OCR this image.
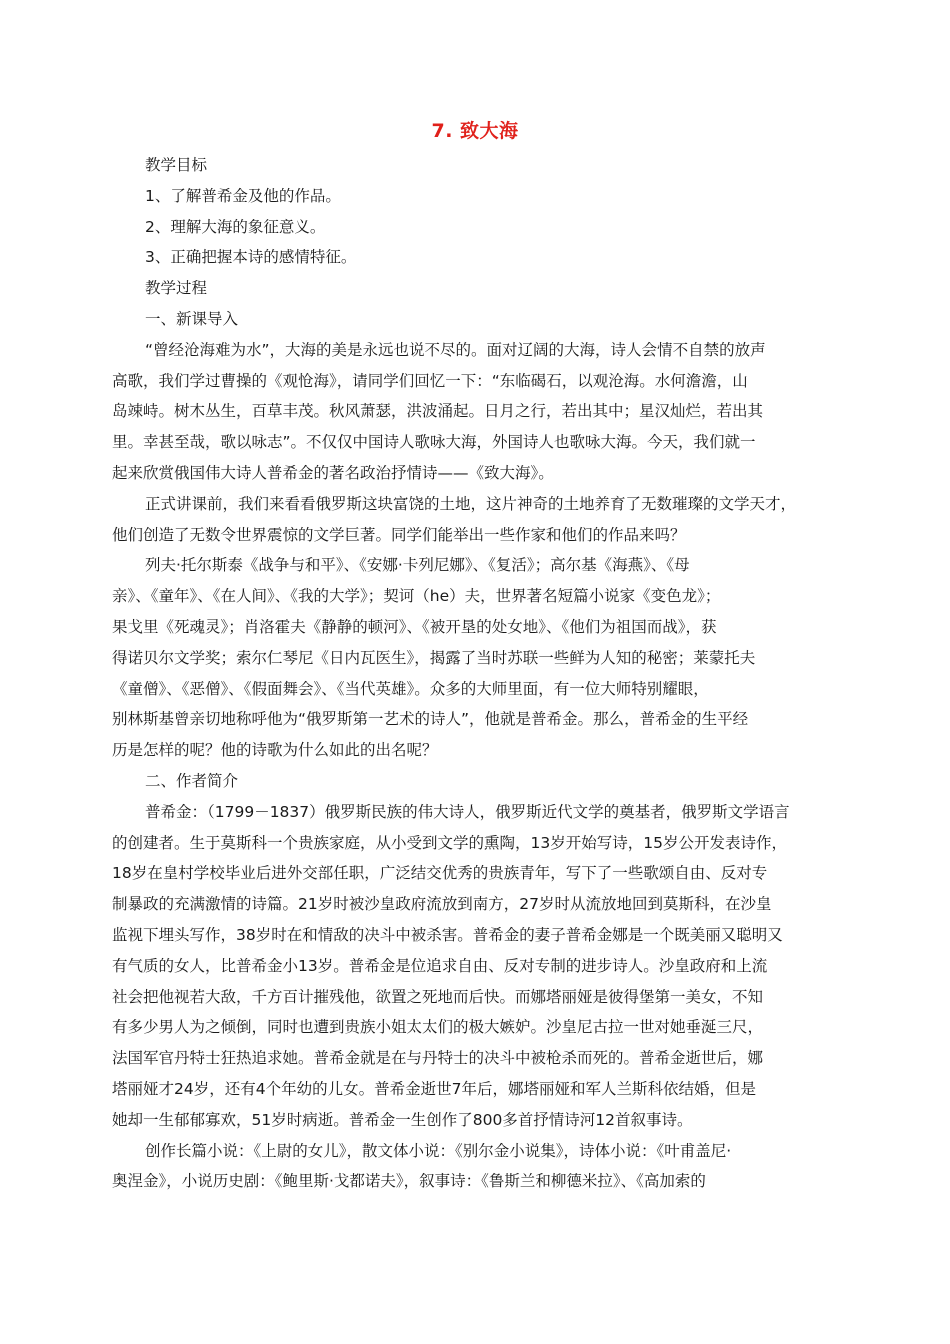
7. 致大海
教学目标
1、了解普希金及他的作品。
2、理解大海的象征意义。
3、正确把握本诗的感情特征。
教学过程
一、新课导入
“曾经沧海难为水”，大海的美是永远也说不尽的。面对辽阔的大海，诗人会情不自禁的放声
高歌，我们学过曹操的《观怆海》，请同学们回忆一下：“东临碣石，以观沧海。水何澹澹，山
岛竦峙。树木丛生，百草丰茂。秋风萧瑟，洪波涌起。日月之行，若出其中；星汉灿烂，若出其
里。幸甚至哉，歌以咏志”。不仅仅中国诗人歌咏大海，外国诗人也歌咏大海。今天，我们就一
起来欣赏俄国伟大诗人普希金的著名政治抒情诗——《致大海》。
正式讲课前，我们来看看俄罗斯这块富饶的土地，这片神奇的土地养育了无数璀璨的文学天才，
他们创造了无数令世界震惊的文学巨著。同学们能举出一些作家和他们的作品来吗？
列夫·托尔斯泰《战争与和平》、《安娜·卡列尼娜》、《复活》；高尔基《海燕》、《母
亲》、《童年》、《在人间》、《我的大学》；契诃（he）夫，世界著名短篇小说家《变色龙》；
果戈里《死魂灵》；肖洛霍夫《静静的顿河》、《被开垦的处女地》、《他们为祖国而战》，获
得诺贝尔文学奖；索尔仁琴尼《日内瓦医生》，揭露了当时苏联一些鲜为人知的秘密；莱蒙托夫
《童僧》、《恶僧》、《假面舞会》、《当代英雄》。众多的大师里面，有一位大师特别耀眼，
别林斯基曾亲切地称呼他为“俄罗斯第一艺术的诗人”，他就是普希金。那么，普希金的生平经
历是怎样的呢？他的诗歌为什么如此的出名呢？
二、作者简介
普希金：（1799－1837）俄罗斯民族的伟大诗人，俄罗斯近代文学的奠基者，俄罗斯文学语言
的创建者。生于莫斯科一个贵族家庭，从小受到文学的熏陶，13岁开始写诗，15岁公开发表诗作，
18岁在皇村学校毕业后进外交部任职，广泛结交优秀的贵族青年，写下了一些歌颂自由、反对专
制暴政的充满激情的诗篇。21岁时被沙皇政府流放到南方，27岁时从流放地回到莫斯科，在沙皇
监视下埋头写作，38岁时在和情敌的决斗中被杀害。普希金的妻子普希金娜是一个既美丽又聪明又
有气质的女人，比普希金小13岁。普希金是位追求自由、反对专制的进步诗人。沙皇政府和上流
社会把他视若大敌，千方百计摧残他，欲置之死地而后快。而娜塔丽娅是彼得堡第一美女，不知
有多少男人为之倾倒，同时也遭到贵族小姐太太们的极大嫉妒。沙皇尼古拉一世对她垂涎三尺，
法国军官丹特士狂热追求她。普希金就是在与丹特士的决斗中被枪杀而死的。普希金逝世后，娜
塔丽娅才24岁，还有4个年幼的儿女。普希金逝世7年后，娜塔丽娅和军人兰斯科依结婚，但是
她却一生郁郁寡欢，51岁时病逝。普希金一生创作了800多首抒情诗河12首叙事诗。
创作长篇小说：《上尉的女儿》，散文体小说：《别尔金小说集》，诗体小说：《叶甫盖尼·
奥涅金》，小说历史剧：《鲍里斯·戈都诺夫》，叙事诗：《鲁斯兰和柳德米拉》、《高加索的
